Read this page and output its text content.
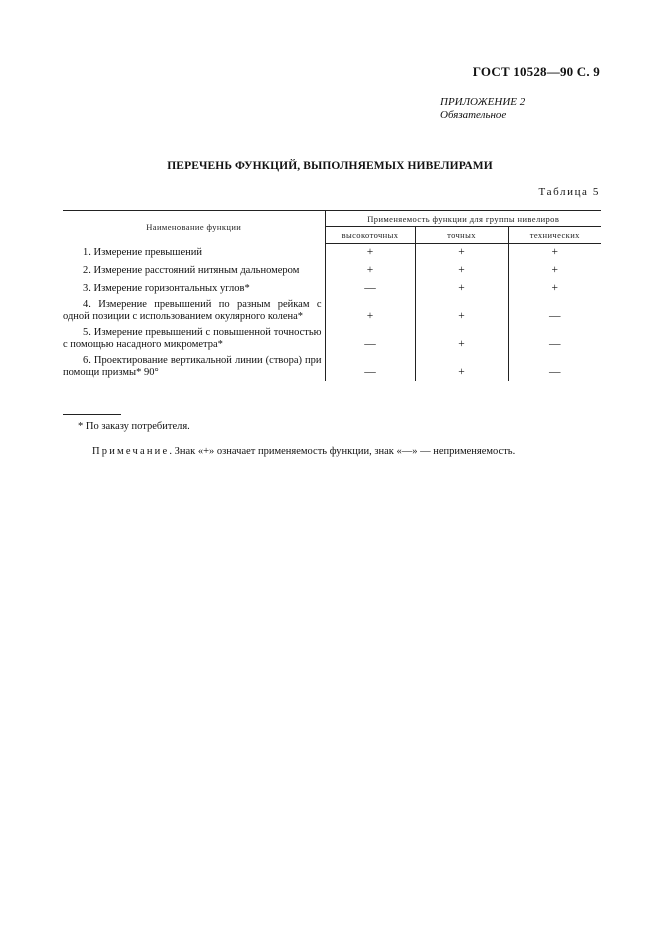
ГОСТ 10528—90 С. 9
ПРИЛОЖЕНИЕ 2
Обязательное
ПЕРЕЧЕНЬ ФУНКЦИЙ, ВЫПОЛНЯЕМЫХ НИВЕЛИРАМИ
Таблица 5
Наименование функции	Применяемость функции для группы нивелиров		
	высокоточных	точных	технических

1. Измерение превышений	+	+	+

2. Измерение расстояний нитяным дальномером	+	+	+

3. Измерение горизонтальных углов*	—	+	+

4. Измерение превышений по разным рейкам с одной позиции с использованием окулярного колена*	+	+	—

5. Измерение превышений с повышенной точностью с помощью насадного микрометра*	—	+	—

6. Проектирование вертикальной линии (створа) при помощи призмы* 90°	—	+	—
* По заказу потребителя.
Примечание. Знак «+» означает применяемость функции, знак «—» — неприменяемость.
